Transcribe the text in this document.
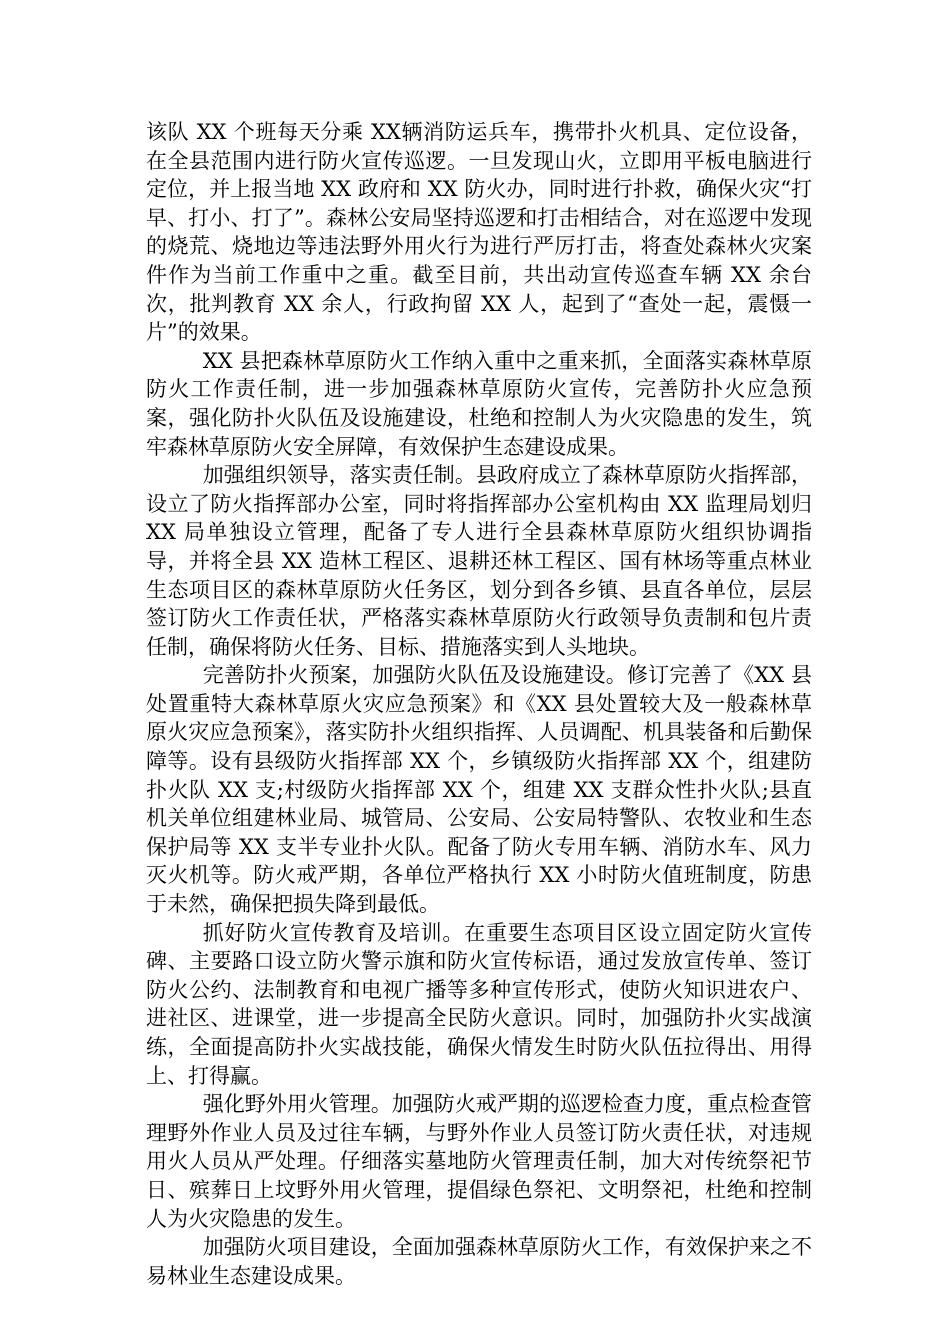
该队 XX 个班每天分乘 XX辆消防运兵车，携带扑火机具、定位设备，在全县范围内进行防火宣传巡逻。一旦发现山火，立即用平板电脑进行定位，并上报当地 XX 政府和 XX 防火办，同时进行扑救，确保火灾“打早、打小、打了”。森林公安局坚持巡逻和打击相结合，对在巡逻中发现的烧荒、烧地边等违法野外用火行为进行严厉打击，将查处森林火灾案件作为当前工作重中之重。截至目前，共出动宣传巡查车辆 XX 余台次，批判教育 XX 余人，行政拘留 XX 人，起到了“查处一起，震慑一片”的效果。

XX 县把森林草原防火工作纳入重中之重来抓，全面落实森林草原防火工作责任制，进一步加强森林草原防火宣传，完善防扑火应急预案，强化防扑火队伍及设施建设，杜绝和控制人为火灾隐患的发生，筑牢森林草原防火安全屏障，有效保护生态建设成果。

加强组织领导，落实责任制。县政府成立了森林草原防火指挥部，设立了防火指挥部办公室，同时将指挥部办公室机构由 XX 监理局划归 XX 局单独设立管理，配备了专人进行全县森林草原防火组织协调指导，并将全县 XX 造林工程区、退耕还林工程区、国有林场等重点林业生态项目区的森林草原防火任务区，划分到各乡镇、县直各单位，层层签订防火工作责任状，严格落实森林草原防火行政领导负责制和包片责任制，确保将防火任务、目标、措施落实到人头地块。

完善防扑火预案，加强防火队伍及设施建设。修订完善了《XX 县处置重特大森林草原火灾应急预案》和《XX 县处置较大及一般森林草原火灾应急预案》，落实防扑火组织指挥、人员调配、机具装备和后勤保障等。设有县级防火指挥部 XX 个，乡镇级防火指挥部 XX 个，组建防扑火队 XX 支;村级防火指挥部 XX 个，组建 XX 支群众性扑火队;县直机关单位组建林业局、城管局、公安局、公安局特警队、农牧业和生态保护局等 XX 支半专业扑火队。配备了防火专用车辆、消防水车、风力灭火机等。防火戒严期，各单位严格执行 XX 小时防火值班制度，防患于未然，确保把损失降到最低。

抓好防火宣传教育及培训。在重要生态项目区设立固定防火宣传碑、主要路口设立防火警示旗和防火宣传标语，通过发放宣传单、签订防火公约、法制教育和电视广播等多种宣传形式，使防火知识进农户、进社区、进课堂，进一步提高全民防火意识。同时，加强防扑火实战演练，全面提高防扑火实战技能，确保火情发生时防火队伍拉得出、用得上、打得赢。

强化野外用火管理。加强防火戒严期的巡逻检查力度，重点检查管理野外作业人员及过往车辆，与野外作业人员签订防火责任状，对违规用火人员从严处理。仔细落实墓地防火管理责任制，加大对传统祭祀节日、殡葬日上坟野外用火管理，提倡绿色祭祀、文明祭祀，杜绝和控制人为火灾隐患的发生。

加强防火项目建设，全面加强森林草原防火工作，有效保护来之不易林业生态建设成果。
